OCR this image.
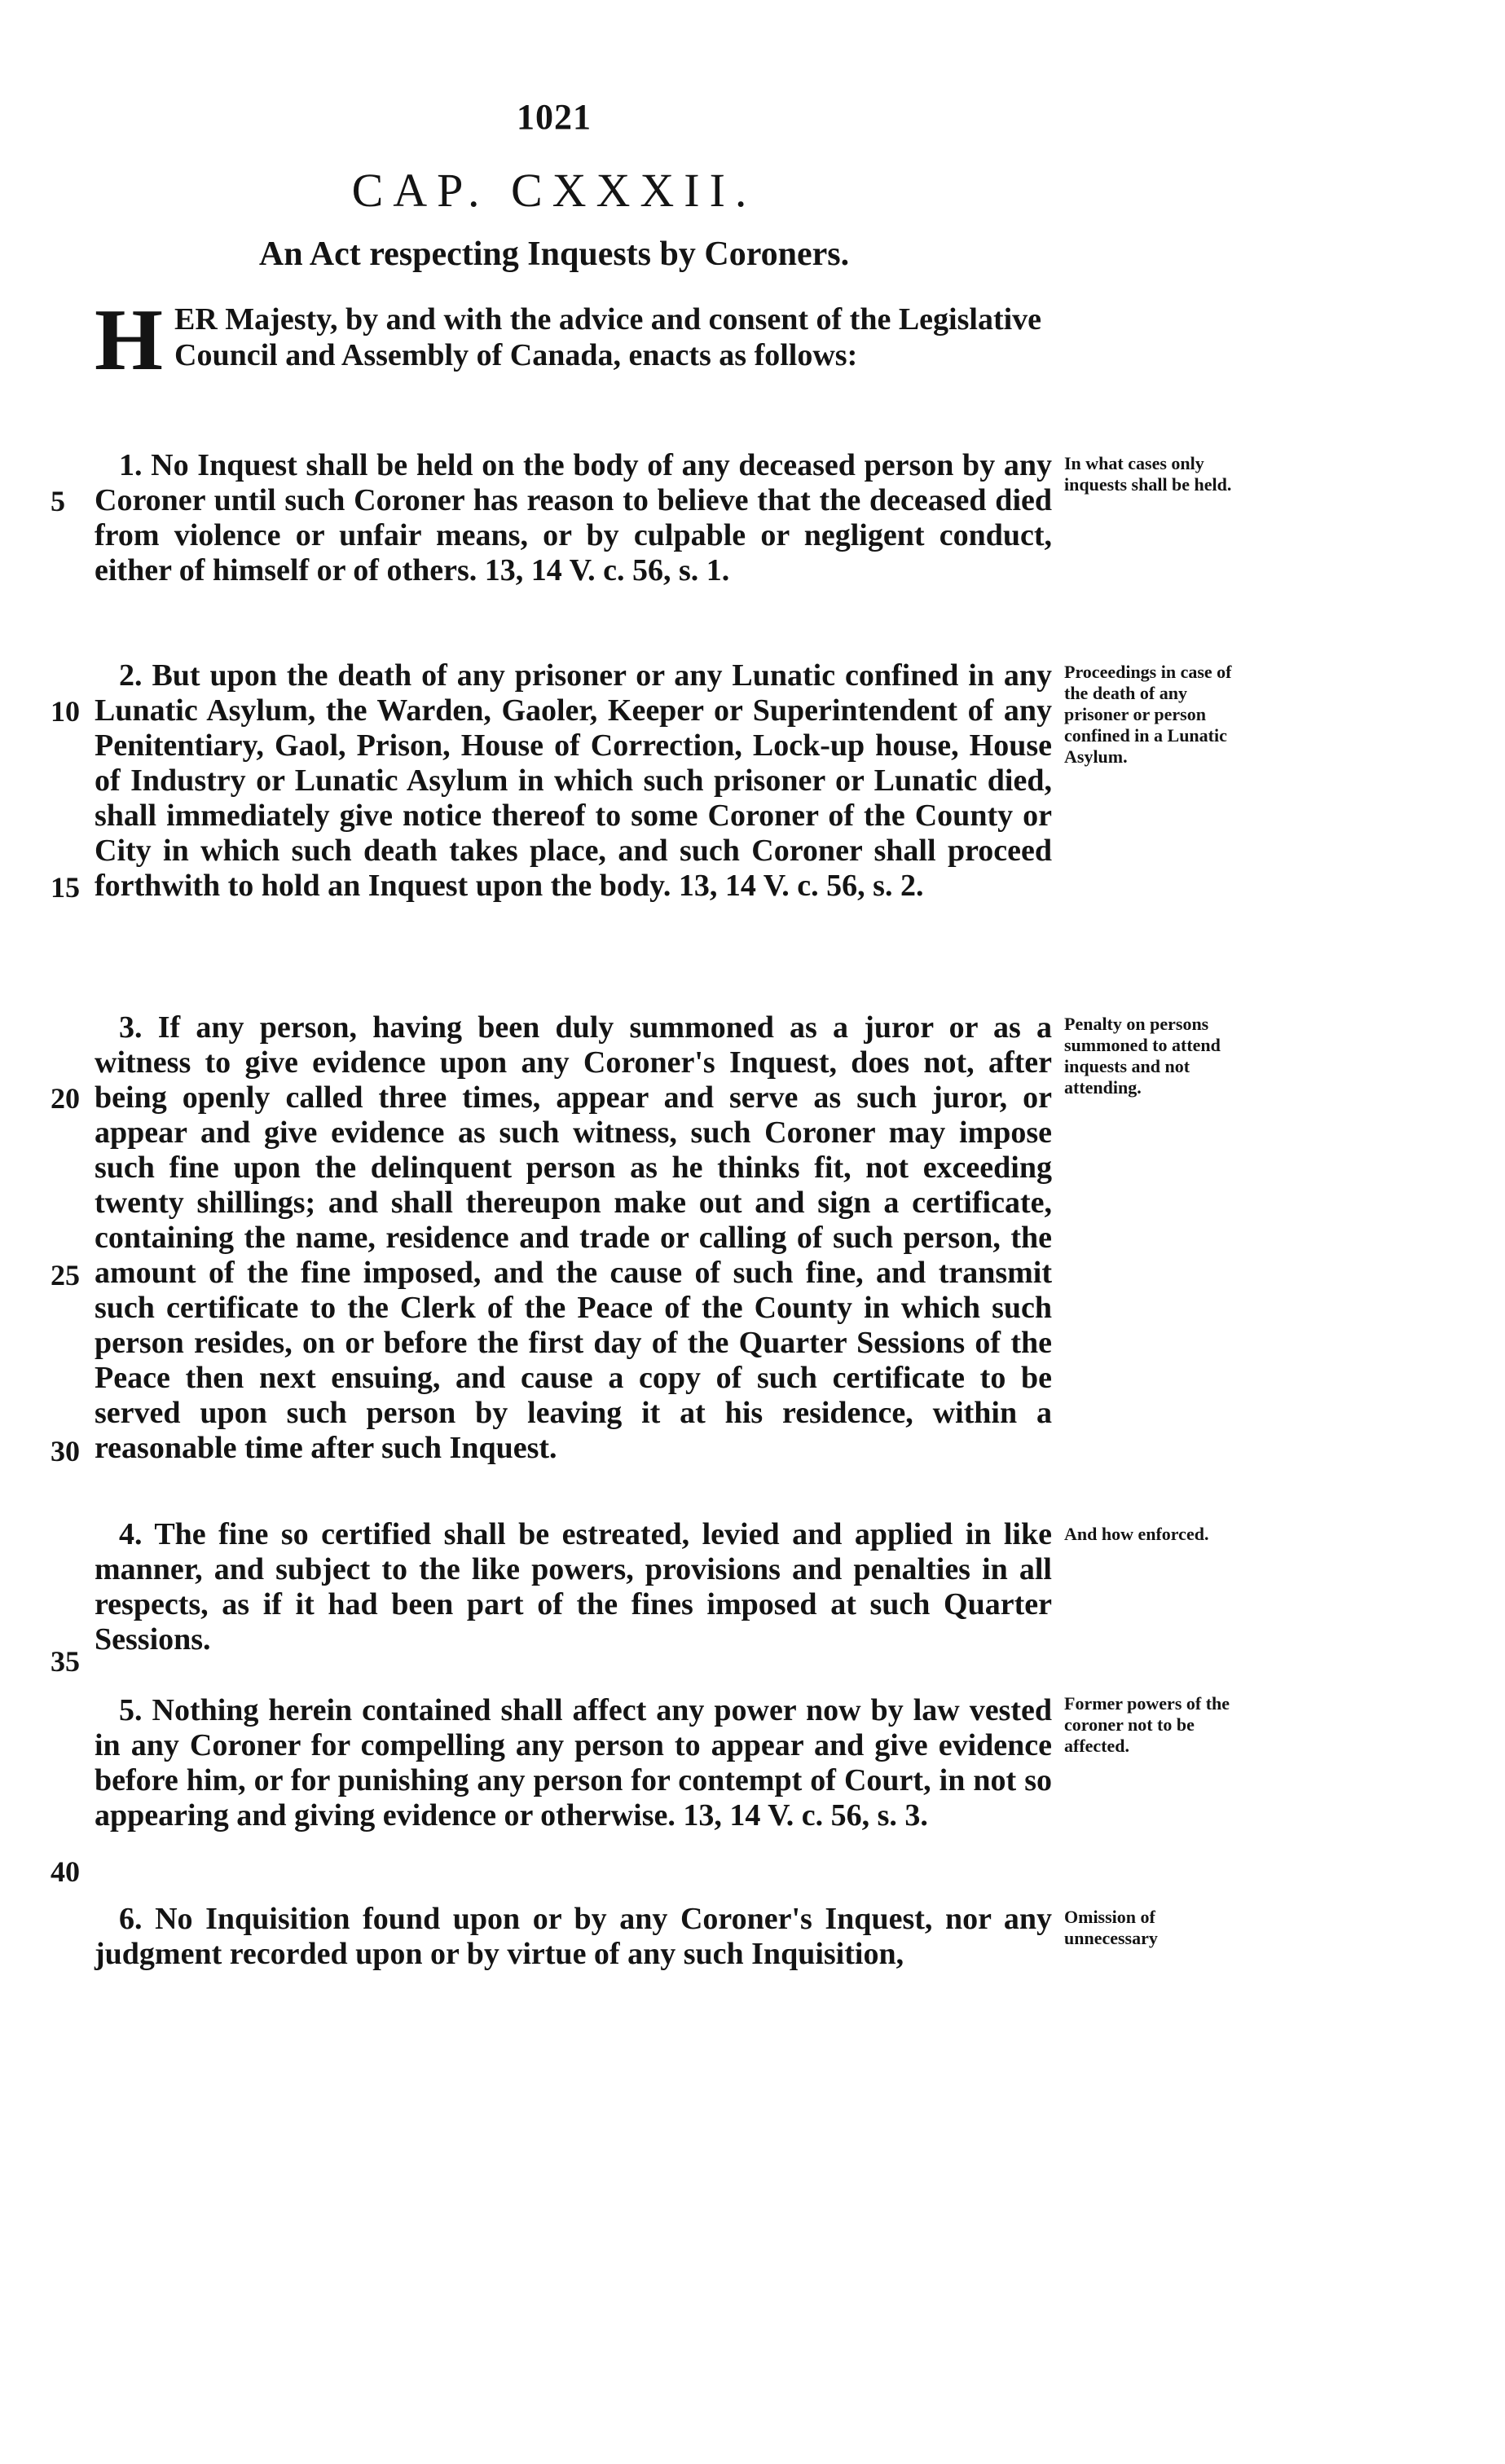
1021
CAP. CXXXII.
An Act respecting Inquests by Coroners.
H ER Majesty, by and with the advice and consent of the Legislative Council and Assembly of Canada, enacts as follows:
5
10
15
20
25
30
35
40
1. No Inquest shall be held on the body of any deceased person by any Coroner until such Coroner has reason to believe that the deceased died from violence or unfair means, or by culpable or negligent conduct, either of himself or of others. 13, 14 V. c. 56, s. 1.
In what cases only inquests shall be held.
2. But upon the death of any prisoner or any Lunatic confined in any Lunatic Asylum, the Warden, Gaoler, Keeper or Superintendent of any Penitentiary, Gaol, Prison, House of Correction, Lock-up house, House of Industry or Lunatic Asylum in which such prisoner or Lunatic died, shall immediately give notice thereof to some Coroner of the County or City in which such death takes place, and such Coroner shall proceed forthwith to hold an Inquest upon the body. 13, 14 V. c. 56, s. 2.
Proceedings in case of the death of any prisoner or person confined in a Lunatic Asylum.
3. If any person, having been duly summoned as a juror or as a witness to give evidence upon any Coroner's Inquest, does not, after being openly called three times, appear and serve as such juror, or appear and give evidence as such witness, such Coroner may impose such fine upon the delinquent person as he thinks fit, not exceeding twenty shillings; and shall thereupon make out and sign a certificate, containing the name, residence and trade or calling of such person, the amount of the fine imposed, and the cause of such fine, and transmit such certificate to the Clerk of the Peace of the County in which such person resides, on or before the first day of the Quarter Sessions of the Peace then next ensuing, and cause a copy of such certificate to be served upon such person by leaving it at his residence, within a reasonable time after such Inquest.
Penalty on persons summoned to attend inquests and not attending.
4. The fine so certified shall be estreated, levied and applied in like manner, and subject to the like powers, provisions and penalties in all respects, as if it had been part of the fines imposed at such Quarter Sessions.
And how enforced.
5. Nothing herein contained shall affect any power now by law vested in any Coroner for compelling any person to appear and give evidence before him, or for punishing any person for contempt of Court, in not so appearing and giving evidence or otherwise. 13, 14 V. c. 56, s. 3.
Former powers of the coroner not to be affected.
6. No Inquisition found upon or by any Coroner's Inquest, nor any judgment recorded upon or by virtue of any such Inquisition,
Omission of unnecessary
